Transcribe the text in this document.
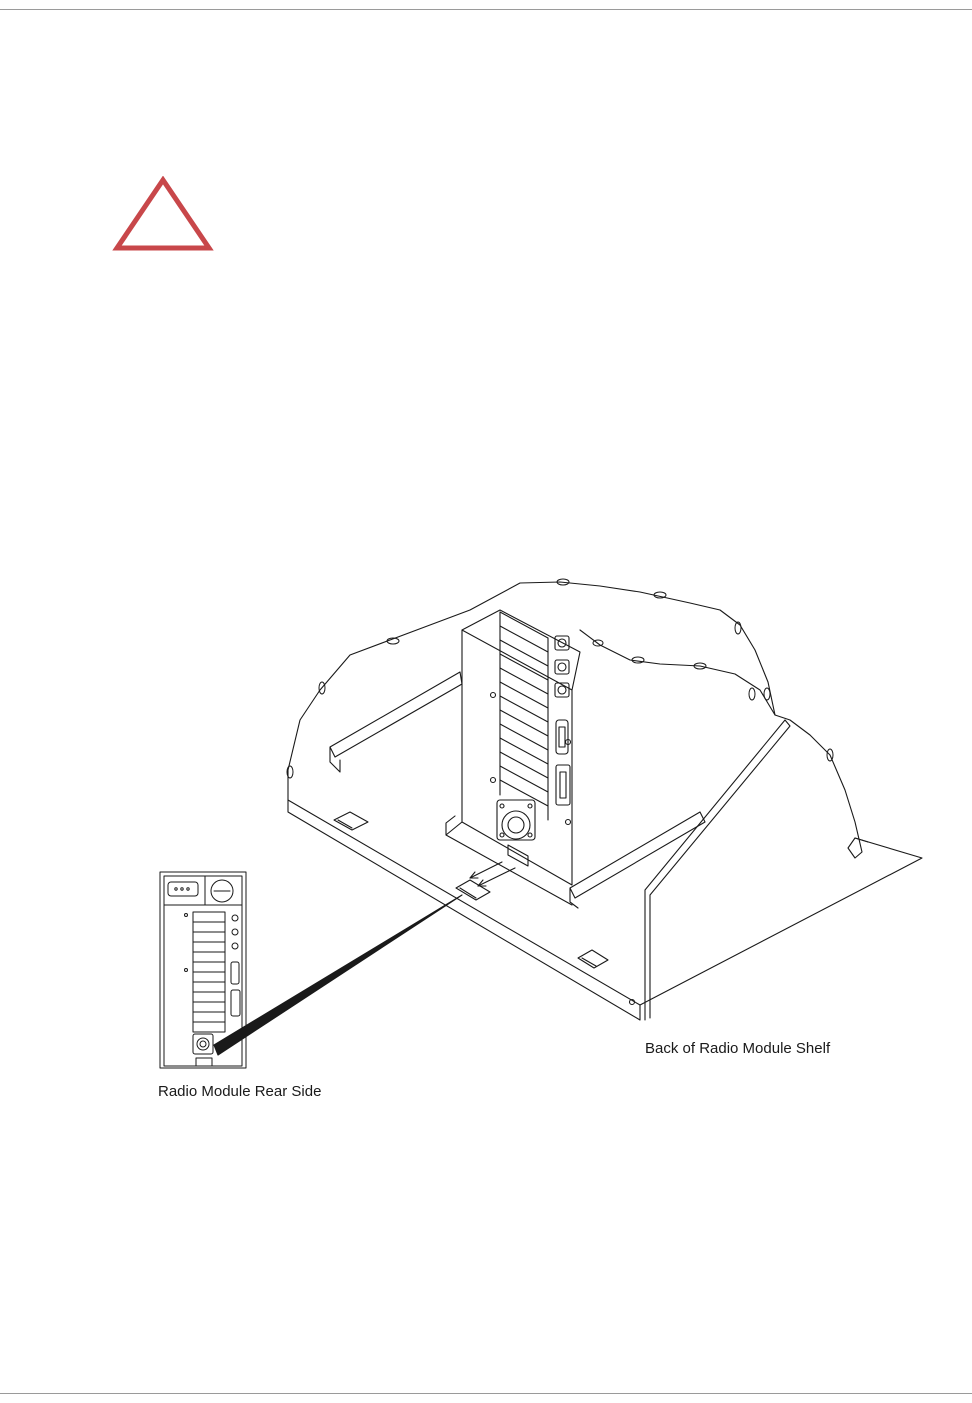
Back of Radio Module Shelf
Radio Module Rear Side
